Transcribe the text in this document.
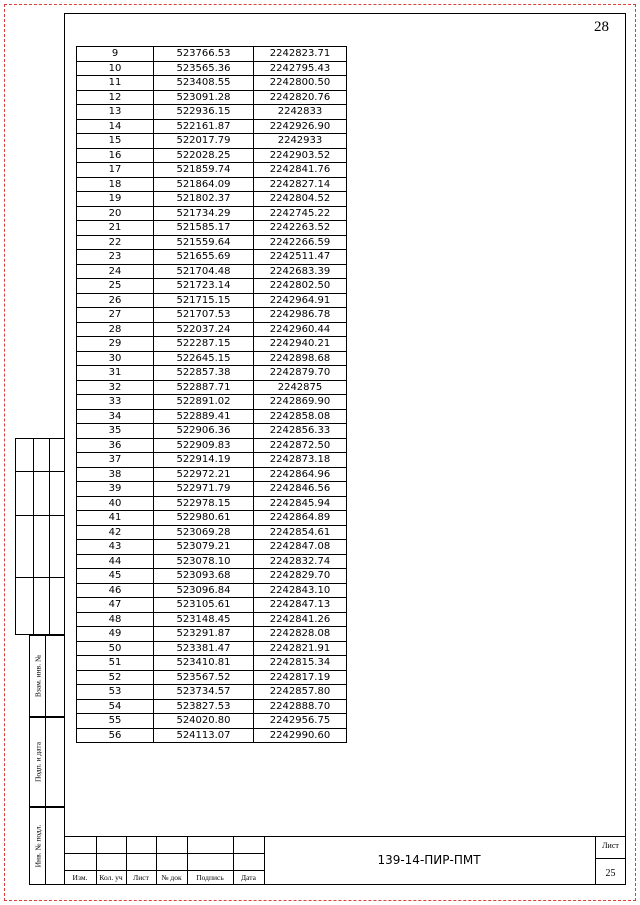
28
9	523766.53	2242823.71
10	523565.36	2242795.43
11	523408.55	2242800.50
12	523091.28	2242820.76
13	522936.15	2242833
14	522161.87	2242926.90
15	522017.79	2242933
16	522028.25	2242903.52
17	521859.74	2242841.76
18	521864.09	2242827.14
19	521802.37	2242804.52
20	521734.29	2242745.22
21	521585.17	2242263.52
22	521559.64	2242266.59
23	521655.69	2242511.47
24	521704.48	2242683.39
25	521723.14	2242802.50
26	521715.15	2242964.91
27	521707.53	2242986.78
28	522037.24	2242960.44
29	522287.15	2242940.21
30	522645.15	2242898.68
31	522857.38	2242879.70
32	522887.71	2242875
33	522891.02	2242869.90
34	522889.41	2242858.08
35	522906.36	2242856.33
36	522909.83	2242872.50
37	522914.19	2242873.18
38	522972.21	2242864.96
39	522971.79	2242846.56
40	522978.15	2242845.94
41	522980.61	2242864.89
42	523069.28	2242854.61
43	523079.21	2242847.08
44	523078.10	2242832.74
45	523093.68	2242829.70
46	523096.84	2242843.10
47	523105.61	2242847.13
48	523148.45	2242841.26
49	523291.87	2242828.08
50	523381.47	2242821.91
51	523410.81	2242815.34
52	523567.52	2242817.19
53	523734.57	2242857.80
54	523827.53	2242888.70
55	524020.80	2242956.75
56	524113.07	2242990.60
Взам. инв. №
Подп. и дата
Инв. № подл.
Изм.	Кол. уч	Лист	№ док	Подпись	Дата
139-14-ПИР-ПМТ
Лист
25
